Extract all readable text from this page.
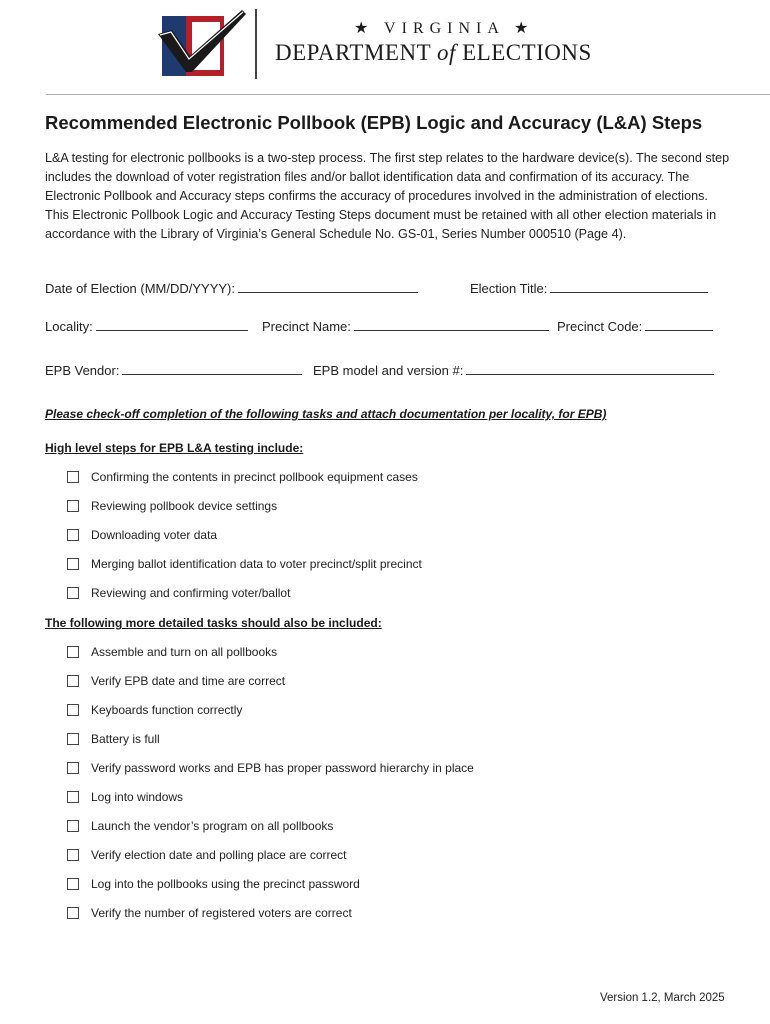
★ VIRGINIA ★
DEPARTMENT of ELECTIONS
Recommended Electronic Pollbook (EPB) Logic and Accuracy (L&A) Steps
L&A testing for electronic pollbooks is a two-step process. The first step relates to the hardware device(s). The second step includes the download of voter registration files and/or ballot identification data and confirmation of its accuracy. The Electronic Pollbook and Accuracy steps confirms the accuracy of procedures involved in the administration of elections. This Electronic Pollbook Logic and Accuracy Testing Steps document must be retained with all other election materials in accordance with the Library of Virginia’s General Schedule No. GS-01, Series Number 000510 (Page 4).
Date of Election (MM/DD/YYYY):	Election Title:
Locality:	Precinct Name:	Precinct Code:
EPB Vendor:	EPB model and version #:
Please check-off completion of the following tasks and attach documentation per locality, for EPB)
High level steps for EPB L&A testing include:
Confirming the contents in precinct pollbook equipment cases
Reviewing pollbook device settings
Downloading voter data
Merging ballot identification data to voter precinct/split precinct
Reviewing and confirming voter/ballot
The following more detailed tasks should also be included:
Assemble and turn on all pollbooks
Verify EPB date and time are correct
Keyboards function correctly
Battery is full
Verify password works and EPB has proper password hierarchy in place
Log into windows
Launch the vendor’s program on all pollbooks
Verify election date and polling place are correct
Log into the pollbooks using the precinct password
Verify the number of registered voters are correct
Version 1.2, March 2025
